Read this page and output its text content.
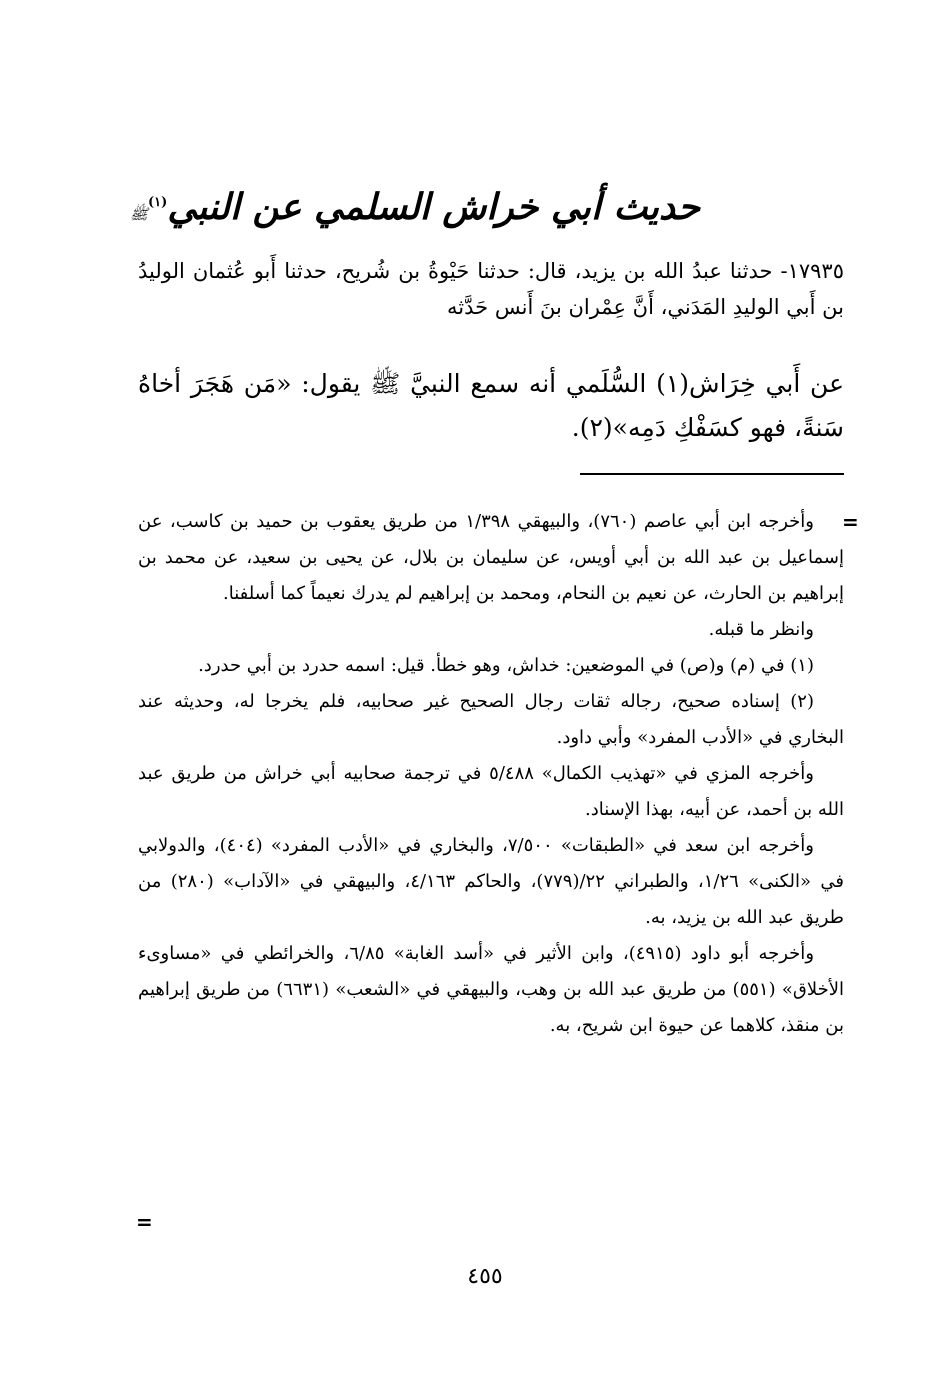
حديث أبي خراش السلمي عن النبي$^{(١)}$ﷺ

١٧٩٣٥- حدثنا عبدُ الله بن يزيد، قال: حدثنا حَيْوةُ بن شُريح، حدثنا أَبو عُثمان الوليدُ بن أَبي الوليدِ المَدَني، أَنَّ عِمْران بنَ أَنس حَدَّثه

عن أَبي خِرَاش(١) السُّلَمي أنه سمع النبيَّ ﷺ يقول: «مَن هَجَرَ أخاهُ سَنةً، فهو كسَفْكِ دَمِه»(٢).

=

وأخرجه ابن أبي عاصم (٧٦٠)، والبيهقي ١/٣٩٨ من طريق يعقوب بن حميد بن كاسب، عن إسماعيل بن عبد الله بن أبي أويس، عن سليمان بن بلال، عن يحيى بن سعيد، عن محمد بن إبراهيم بن الحارث، عن نعيم بن النحام، ومحمد بن إبراهيم لم يدرك نعيماً كما أسلفنا.

وانظر ما قبله.

(١) في (م) و(ص) في الموضعين: خداش، وهو خطأ. قيل: اسمه حدرد بن أبي حدرد.

(٢) إسناده صحيح، رجاله ثقات رجال الصحيح غير صحابيه، فلم يخرجا له، وحديثه عند البخاري في «الأدب المفرد» وأبي داود.

وأخرجه المزي في «تهذيب الكمال» ٥/٤٨٨ في ترجمة صحابيه أبي خراش من طريق عبد الله بن أحمد، عن أبيه، بهذا الإسناد.

وأخرجه ابن سعد في «الطبقات» ٧/٥٠٠، والبخاري في «الأدب المفرد» (٤٠٤)، والدولابي في «الكنى» ١/٢٦، والطبراني ٢٢/(٧٧٩)، والحاكم ٤/١٦٣، والبيهقي في «الآداب» (٢٨٠) من طريق عبد الله بن يزيد، به.

وأخرجه أبو داود (٤٩١٥)، وابن الأثير في «أسد الغابة» ٦/٨٥، والخرائطي في «مساوىء الأخلاق» (٥٥١) من طريق عبد الله بن وهب، والبيهقي في «الشعب» (٦٦٣١) من طريق إبراهيم بن منقذ، كلاهما عن حيوة ابن شريح، به.

=
٤٥٥
